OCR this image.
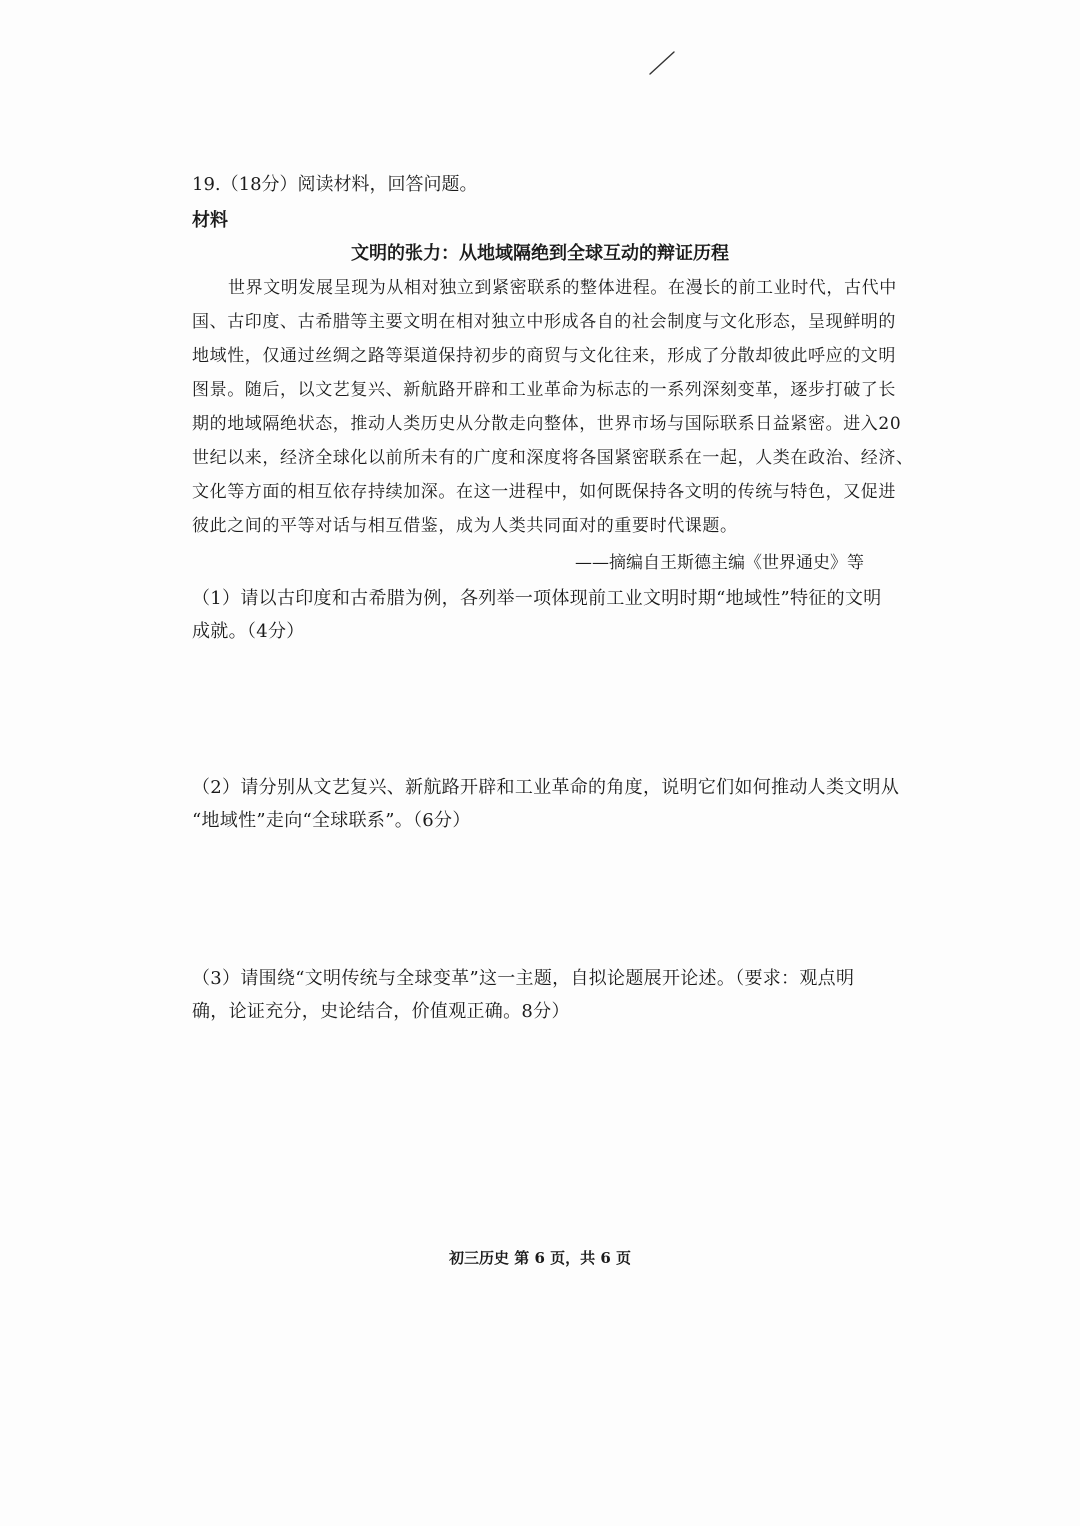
19.（18分）阅读材料，回答问题。
材料
文明的张力：从地域隔绝到全球互动的辩证历程
世界文明发展呈现为从相对独立到紧密联系的整体进程。在漫长的前工业时代，古代中
国、古印度、古希腊等主要文明在相对独立中形成各自的社会制度与文化形态，呈现鲜明的
地域性，仅通过丝绸之路等渠道保持初步的商贸与文化往来，形成了分散却彼此呼应的文明
图景。随后，以文艺复兴、新航路开辟和工业革命为标志的一系列深刻变革，逐步打破了长
期的地域隔绝状态，推动人类历史从分散走向整体，世界市场与国际联系日益紧密。进入20
世纪以来，经济全球化以前所未有的广度和深度将各国紧密联系在一起，人类在政治、经济、
文化等方面的相互依存持续加深。在这一进程中，如何既保持各文明的传统与特色，又促进
彼此之间的平等对话与相互借鉴，成为人类共同面对的重要时代课题。
——摘编自王斯德主编《世界通史》等
（1）请以古印度和古希腊为例，各列举一项体现前工业文明时期“地域性”特征的文明
成就。（4分）
（2）请分别从文艺复兴、新航路开辟和工业革命的角度，说明它们如何推动人类文明从
“地域性”走向“全球联系”。（6分）
（3）请围绕“文明传统与全球变革”这一主题，自拟论题展开论述。（要求：观点明
确，论证充分，史论结合，价值观正确。8分）
初三历史 第 6 页，共 6 页
